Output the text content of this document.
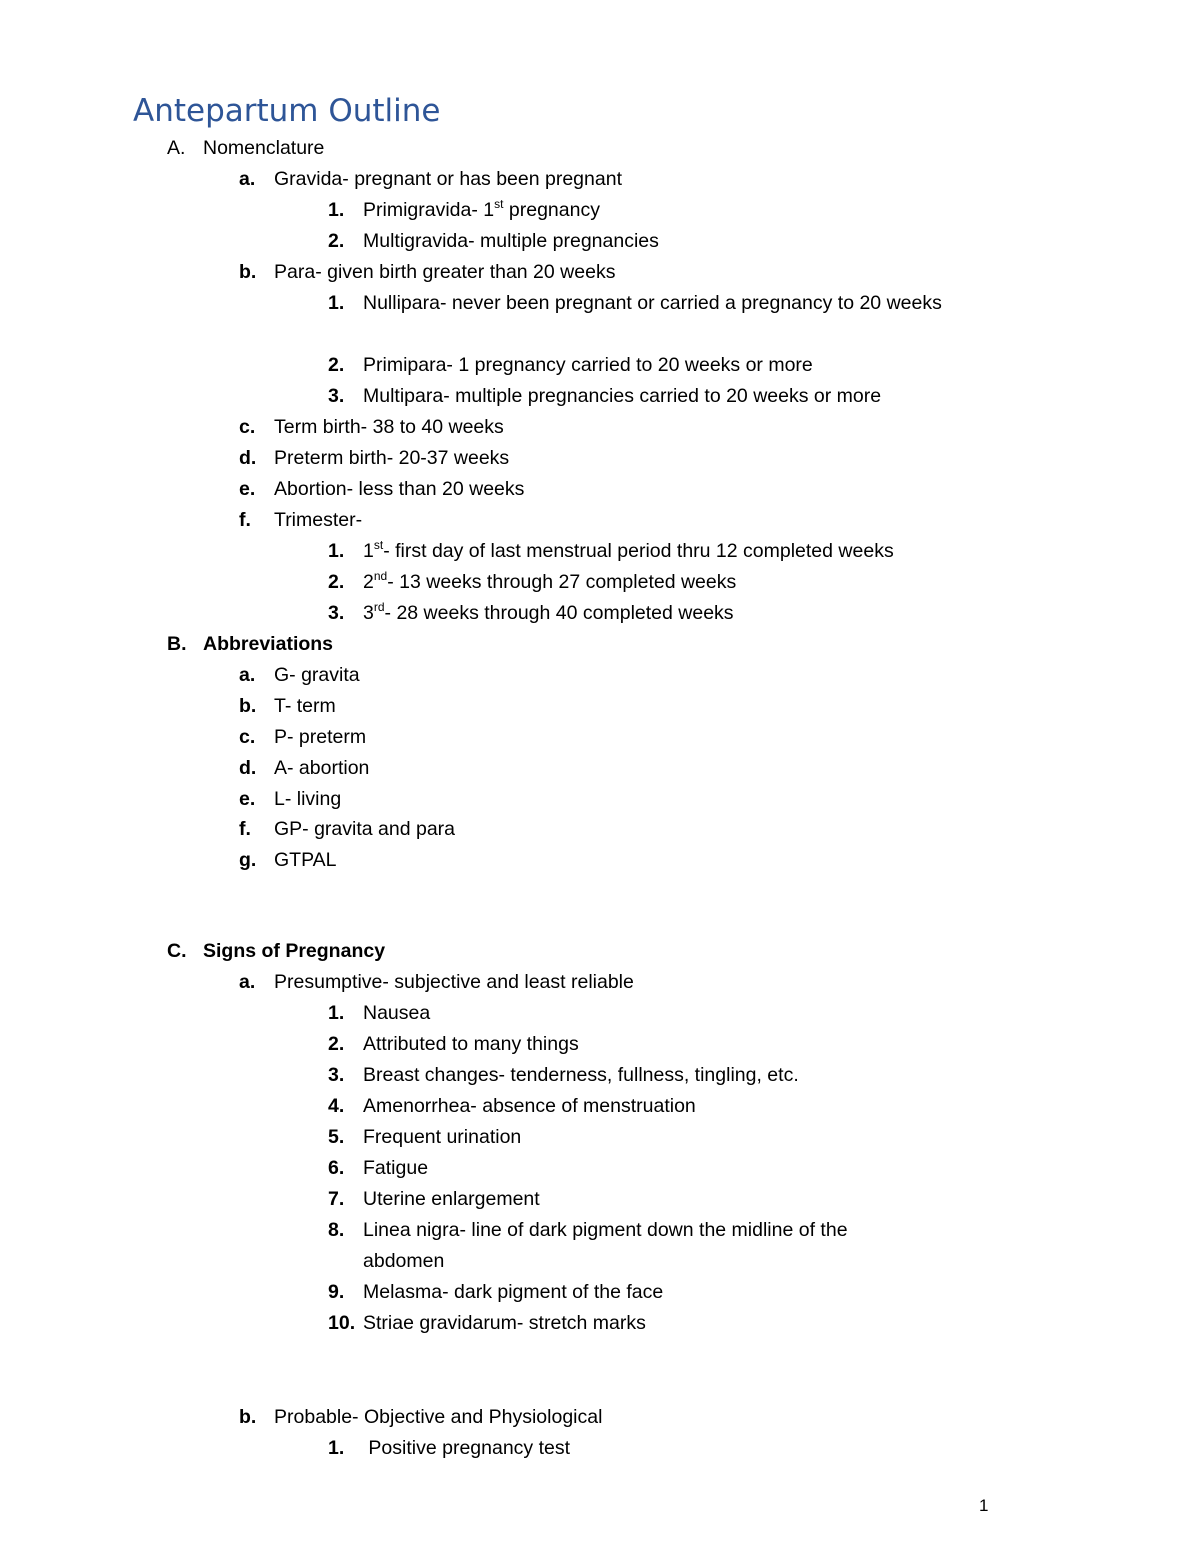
Antepartum Outline
A. Nomenclature
a. Gravida- pregnant or has been pregnant
1. Primigravida- 1st pregnancy
2. Multigravida- multiple pregnancies
b. Para- given birth greater than 20 weeks
1. Nullipara- never been pregnant or carried a pregnancy to 20 weeks
2. Primipara- 1 pregnancy carried to 20 weeks or more
3. Multipara- multiple pregnancies carried to 20 weeks or more
c. Term birth- 38 to 40 weeks
d. Preterm birth- 20-37 weeks
e. Abortion- less than 20 weeks
f. Trimester-
1. 1st- first day of last menstrual period thru 12 completed weeks
2. 2nd- 13 weeks through 27 completed weeks
3. 3rd- 28 weeks through 40 completed weeks
B. Abbreviations
a. G- gravita
b. T- term
c. P- preterm
d. A- abortion
e. L- living
f. GP- gravita and para
g. GTPAL
C. Signs of Pregnancy
a. Presumptive- subjective and least reliable
1. Nausea
2. Attributed to many things
3. Breast changes- tenderness, fullness, tingling, etc.
4. Amenorrhea- absence of menstruation
5. Frequent urination
6. Fatigue
7. Uterine enlargement
8. Linea nigra- line of dark pigment down the midline of the abdomen
9. Melasma- dark pigment of the face
10. Striae gravidarum- stretch marks
b. Probable- Objective and Physiological
1. Positive pregnancy test
1
